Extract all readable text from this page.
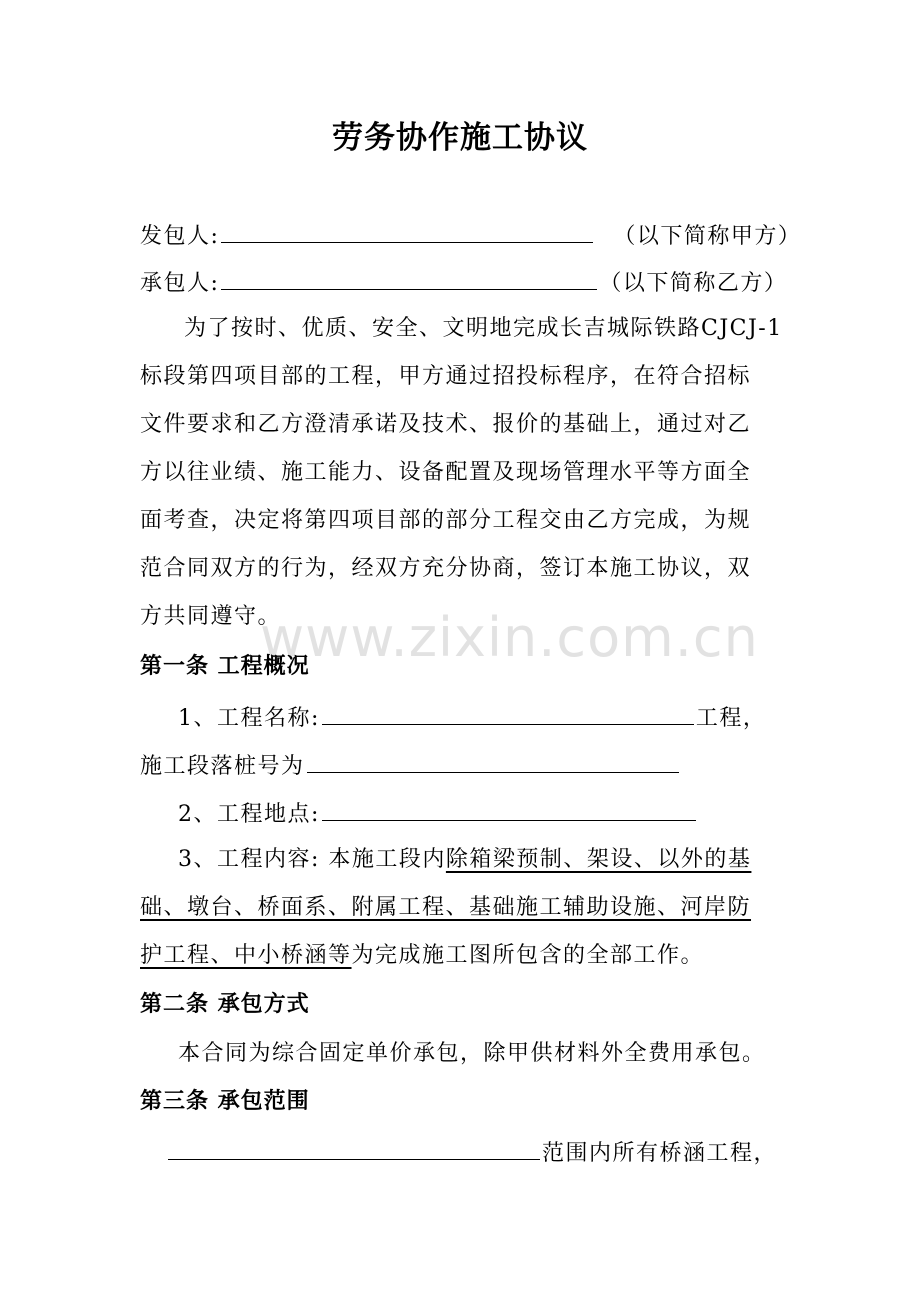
劳务协作施工协议
发包人:	（以下简称甲方）
承包人:	（以下简称乙方）
为了按时、优质、安全、文明地完成长吉城际铁路CJCJ-1
标段第四项目部的工程，甲方通过招投标程序，在符合招标
文件要求和乙方澄清承诺及技术、报价的基础上，通过对乙
方以往业绩、施工能力、设备配置及现场管理水平等方面全
面考查，决定将第四项目部的部分工程交由乙方完成，为规
范合同双方的行为，经双方充分协商，签订本施工协议，双
方共同遵守。
www.zixin.com.cn
第一条 工程概况
1、工程名称:	工程，
施工段落桩号为
2、工程地点:
3、工程内容: 本施工段内除箱梁预制、架设、以外的基
础、墩台、桥面系、附属工程、基础施工辅助设施、河岸防
护工程、中小桥涵等为完成施工图所包含的全部工作。
第二条 承包方式
本合同为综合固定单价承包，除甲供材料外全费用承包。
第三条 承包范围
范围内所有桥涵工程，
